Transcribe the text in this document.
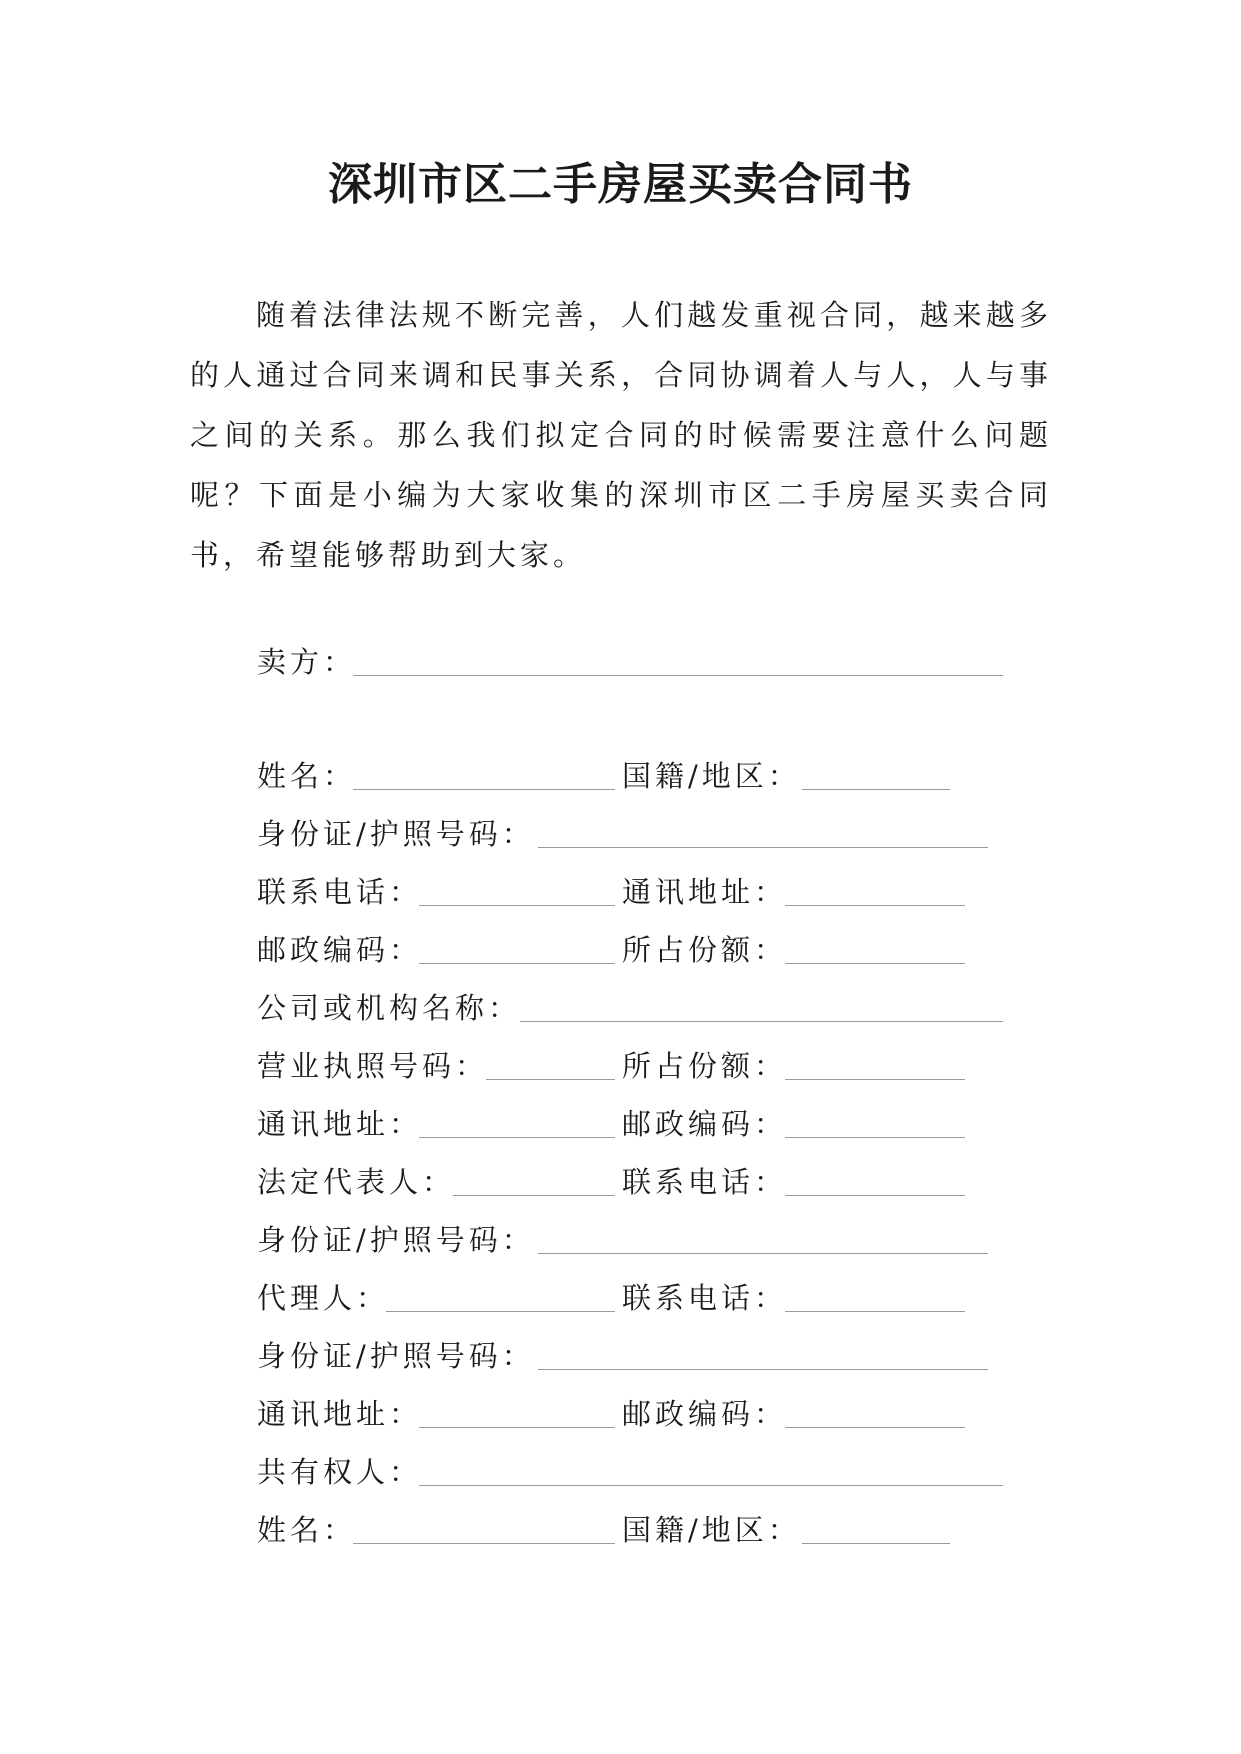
深圳市区二手房屋买卖合同书

随着法律法规不断完善，人们越发重视合同，越来越多的人通过合同来调和民事关系，合同协调着人与人，人与事之间的关系。那么我们拟定合同的时候需要注意什么问题呢？下面是小编为大家收集的深圳市区二手房屋买卖合同书，希望能够帮助到大家。

卖方：
姓名：	国籍/地区：
身份证/护照号码：
联系电话：	通讯地址：
邮政编码：	所占份额：
公司或机构名称：
营业执照号码：	所占份额：
通讯地址：	邮政编码：
法定代表人：	联系电话：
身份证/护照号码：
代理人：	联系电话：
身份证/护照号码：
通讯地址：	邮政编码：
共有权人：
姓名：	国籍/地区：
